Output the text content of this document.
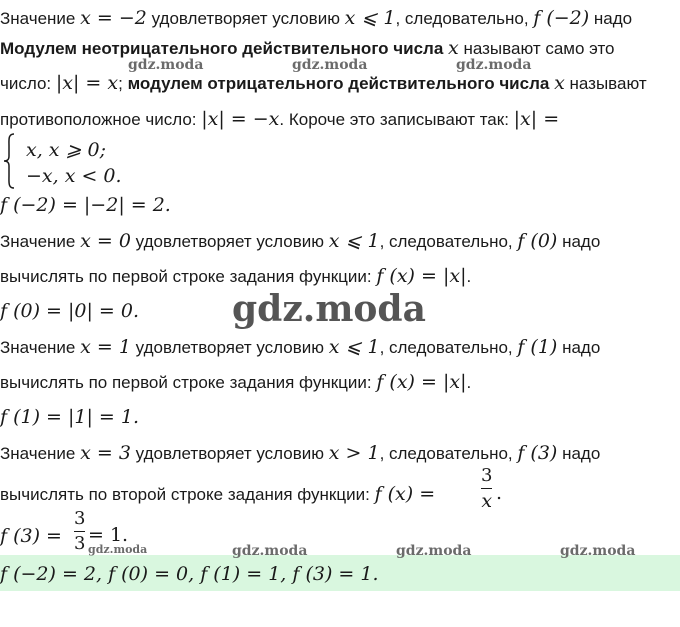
Значение x = −2 удовлетворяет условию x ⩽ 1, следовательно, f (−2) надо
Модулем неотрицательного действительного числа x называют само это
число: |x| = x; модулем отрицательного действительного числа x называют
противоположное число: |x| = −x. Короче это записывают так: |x| =
x, x ⩾ 0;
−x, x < 0.
f (−2) = |−2| = 2.
Значение x = 0 удовлетворяет условию x ⩽ 1, следовательно, f (0) надо
вычислять по первой строке задания функции: f (x) = |x|.
f (0) = |0| = 0.
Значение x = 1 удовлетворяет условию x ⩽ 1, следовательно, f (1) надо
вычислять по первой строке задания функции: f (x) = |x|.
f (1) = |1| = 1.
Значение x = 3 удовлетворяет условию x > 1, следовательно, f (3) надо
вычислять по второй строке задания функции: f (x) =
3
x .
f (3) =
3
3 = 1.
f (−2) = 2, f (0) = 0, f (1) = 1, f (3) = 1.
gdz.moda	gdz.moda	gdz.moda
gdz.moda
gdz.moda	gdz.moda	gdz.moda	gdz.moda
